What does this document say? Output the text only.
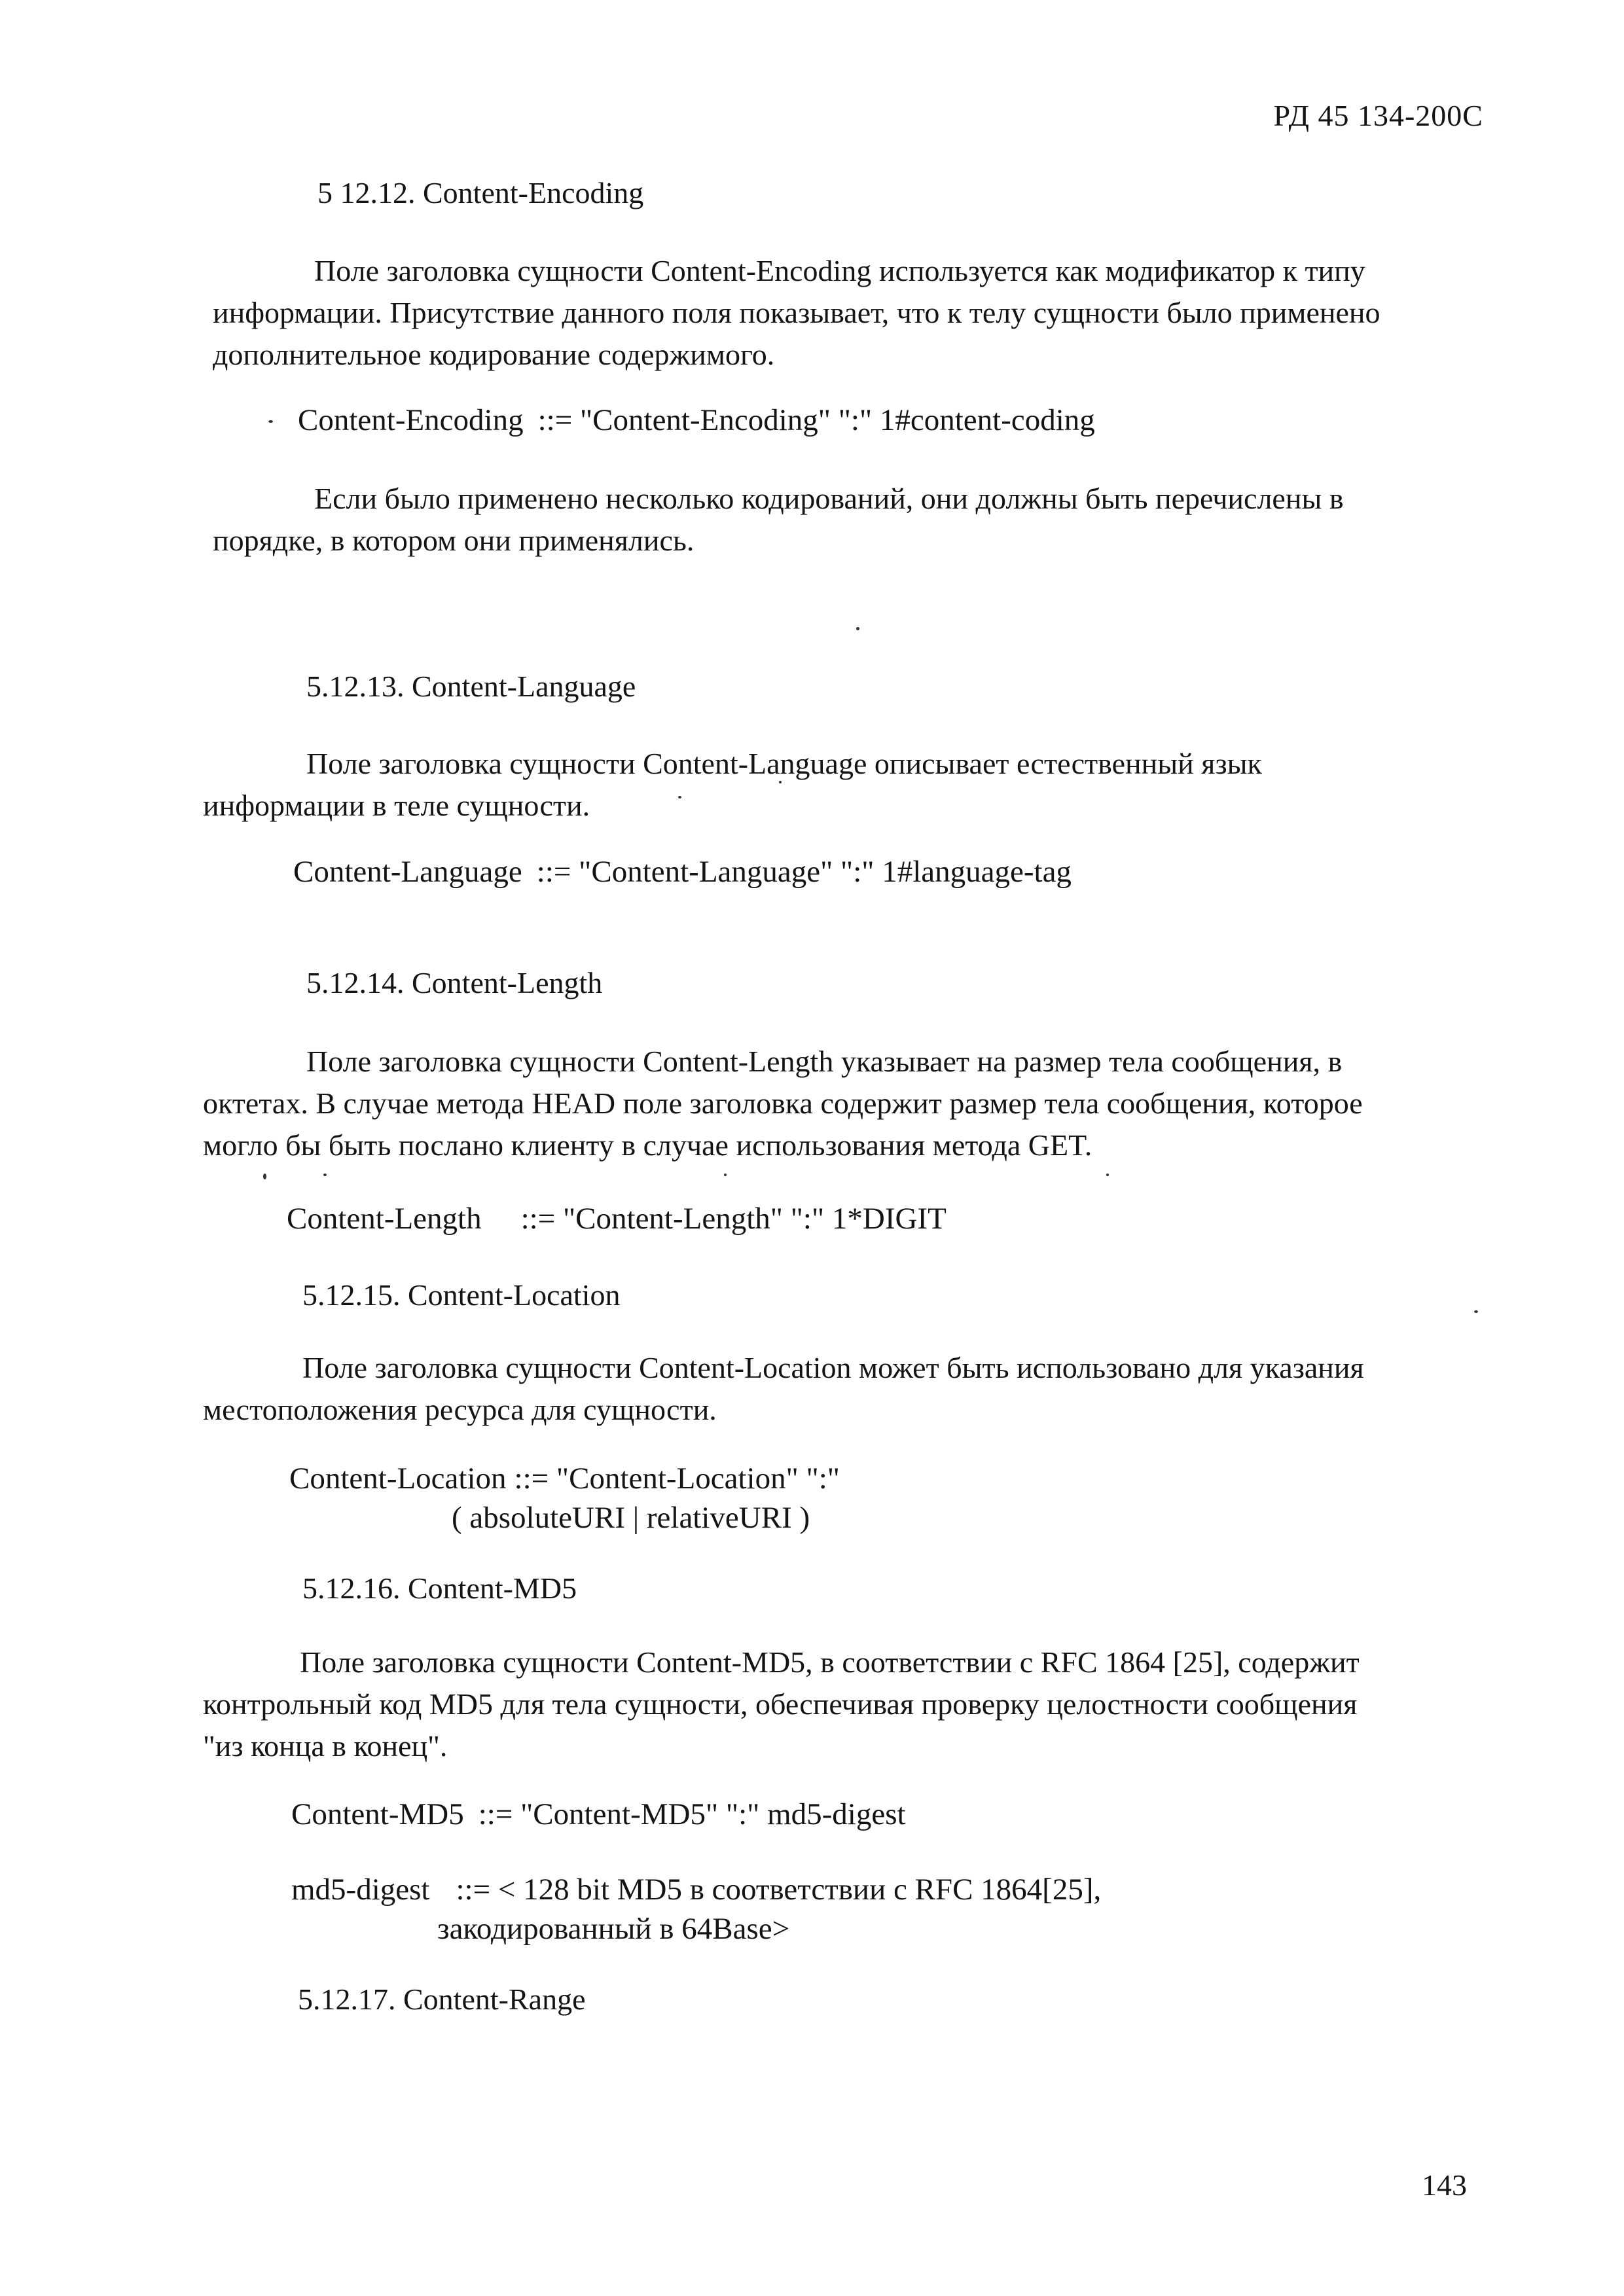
РД 45 134-200С
5 12.12. Content-Encoding
Поле заголовка сущности Content-Encoding используется как модификатор к типу
информации. Присутствие данного поля показывает, что к телу сущности было применено
дополнительное кодирование содержимого.
Content-Encoding ::= "Content-Encoding" ":" 1#content-coding
Если было применено несколько кодирований, они должны быть перечислены в
порядке, в котором они применялись.
5.12.13. Content-Language
Поле заголовка сущности Content-Language описывает естественный язык
информации в теле сущности.
Content-Language ::= "Content-Language" ":" 1#language-tag
5.12.14. Content-Length
Поле заголовка сущности Content-Length указывает на размер тела сообщения, в
октетах. В случае метода HEAD поле заголовка содержит размер тела сообщения, которое
могло бы быть послано клиенту в случае использования метода GET.
Content-Length ::= "Content-Length" ":" 1*DIGIT
5.12.15. Content-Location
Поле заголовка сущности Content-Location может быть использовано для указания
местоположения ресурса для сущности.
Content-Location ::= "Content-Location" ":"
( absoluteURI | relativeURI )
5.12.16. Content-MD5
Поле заголовка сущности Content-MD5, в соответствии с RFC 1864 [25], содержит
контрольный код MD5 для тела сущности, обеспечивая проверку целостности сообщения
"из конца в конец".
Content-MD5 ::= "Content-MD5" ":" md5-digest
md5-digest ::= < 128 bit MD5 в соответствии с RFC 1864[25],
закодированный в 64Base>
5.12.17. Content-Range
143
